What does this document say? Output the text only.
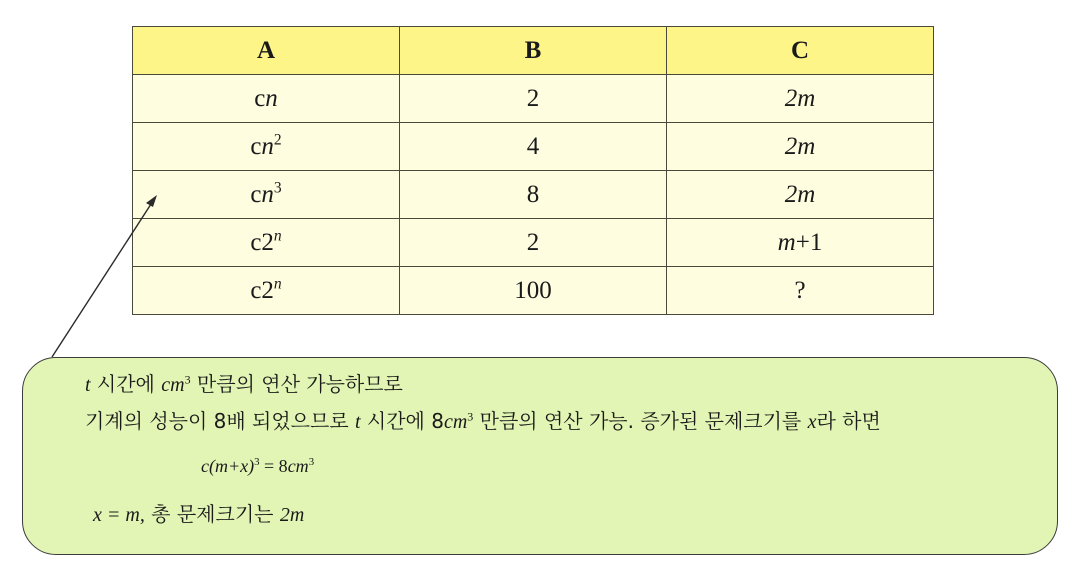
A	B	C
cn	2	2m
$cn^2$	4	2m
$cn^3$	8	2m
c2$^n$	2	m+1
c2$^n$	100	?
t 시간에 $cm^3$ 만큼의 연산 가능하므로
기계의 성능이 8배 되었으므로 t 시간에 $8cm^3$ 만큼의 연산 가능. 증가된 문제크기를 x라 하면
$c(m+x)^3 = 8cm^3$
x = m, 총 문제크기는 2m
